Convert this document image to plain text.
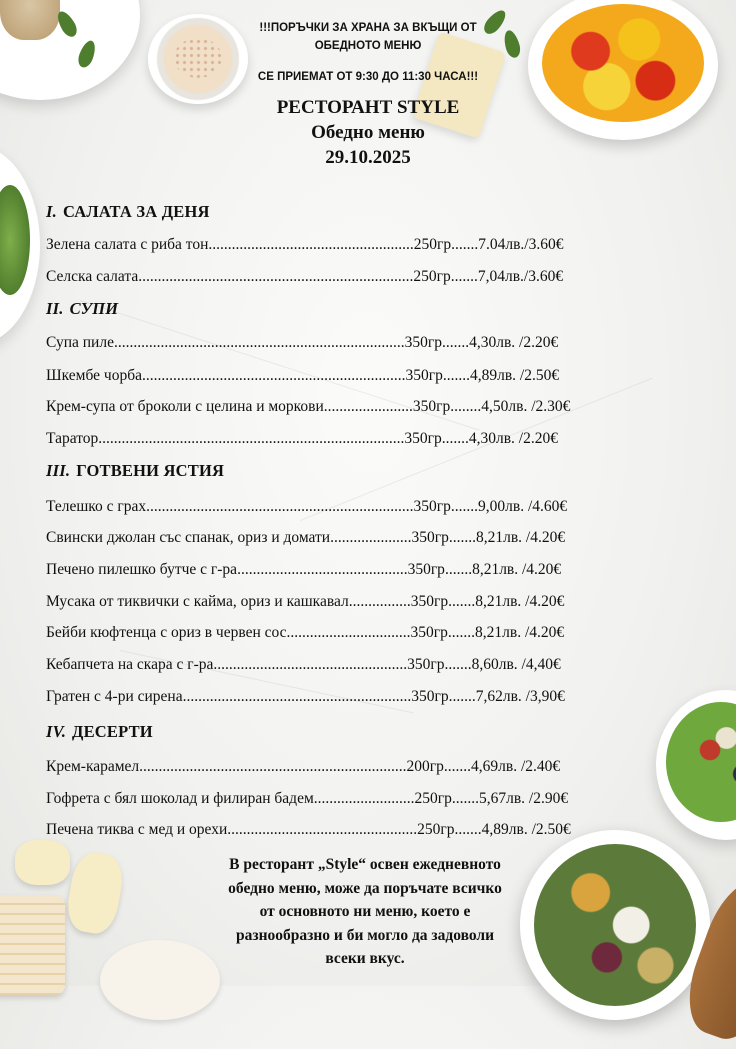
!!!ПОРЪЧКИ ЗА ХРАНА ЗА ВКЪЩИ ОТ
ОБЕДНОТО МЕНЮ
СЕ ПРИЕМАТ ОТ 9:30 ДО 11:30 ЧАСА!!!
РЕСТОРАНТ STYLE
Обедно меню
29.10.2025
I. САЛАТА ЗА ДЕНЯ
Зелена салата с риба тон.....................................................250гр.......7.04лв./3.60€
Селска салата.......................................................................250гр.......7,04лв./3.60€
II. СУПИ
Супа пиле...........................................................................350гр.......4,30лв. /2.20€
Шкембе чорба....................................................................350гр.......4,89лв. /2.50€
Крем-супа от броколи с целина и моркови.......................350гр........4,50лв. /2.30€
Таратор...............................................................................350гр.......4,30лв. /2.20€
III. ГОТВЕНИ ЯСТИЯ
Телешко с грах.....................................................................350гр.......9,00лв. /4.60€
Свински джолан със спанак, ориз и домати.....................350гр.......8,21лв. /4.20€
Печено пилешко бутче с г-ра............................................350гр.......8,21лв. /4.20€
Мусака от тиквички с кайма, ориз и кашкавал................350гр.......8,21лв. /4.20€
Бейби кюфтенца с ориз в червен сос................................350гр.......8,21лв. /4.20€
Кебапчета на скара с г-ра..................................................350гр.......8,60лв. /4,40€
Гратен с 4-ри сирена...........................................................350гр.......7,62лв. /3,90€
IV. ДЕСЕРТИ
Крем-карамел.....................................................................200гр.......4,69лв. /2.40€
Гофрета с бял шоколад и филиран бадем..........................250гр.......5,67лв. /2.90€
Печена тиква с мед и орехи.................................................250гр.......4,89лв. /2.50€
В ресторант „Style“ освен ежедневното
обедно меню, може да поръчате всичко
от основното ни меню, което е
разнообразно и би могло да задоволи
всеки вкус.
